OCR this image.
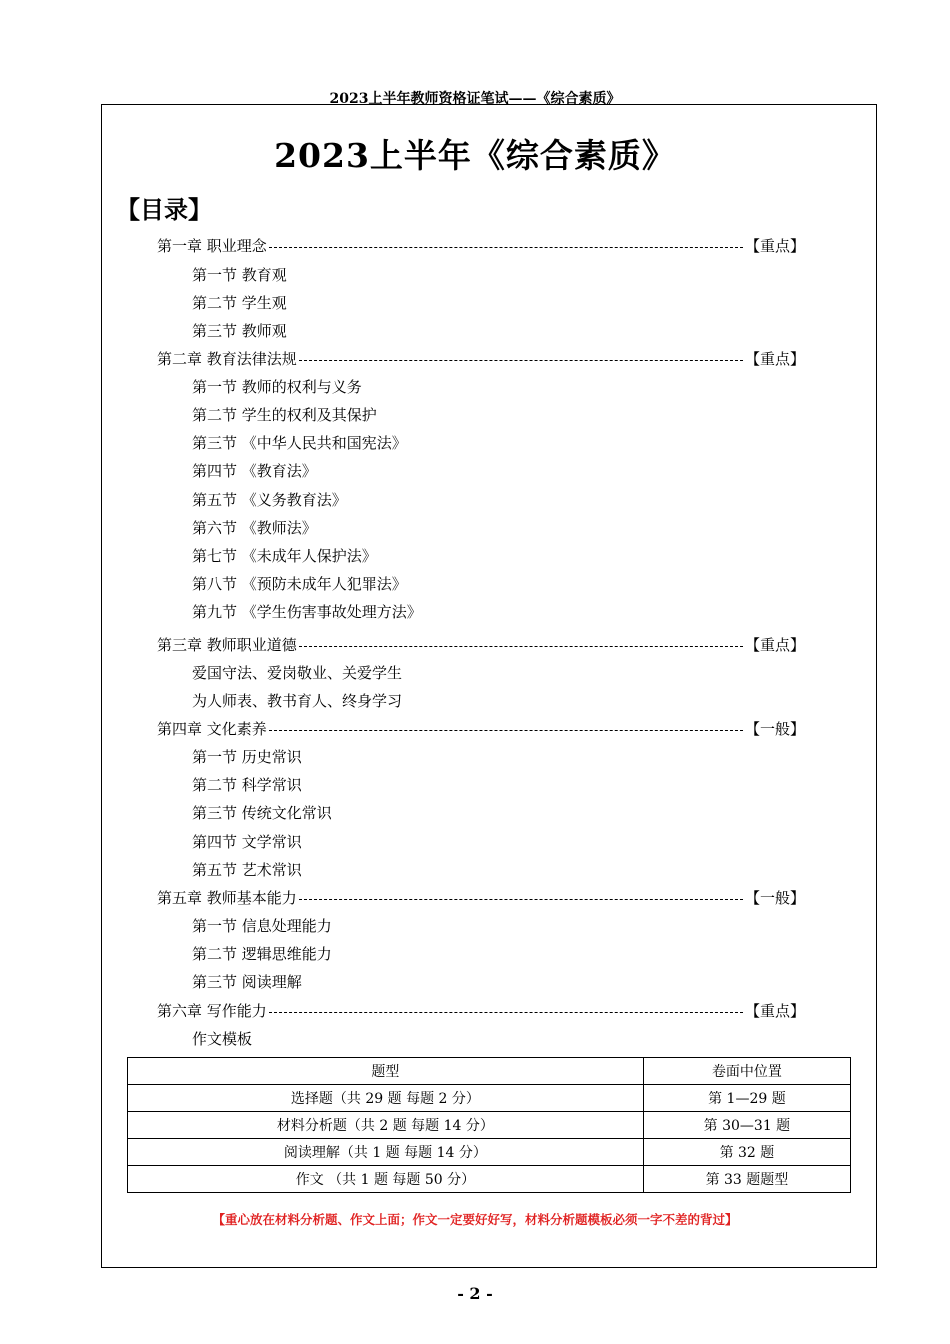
2023上半年教师资格证笔试——《综合素质》
2023上半年《综合素质》
【目录】
第一章 职业理念	【重点】
第一节 教育观
第二节 学生观
第三节 教师观
第二章 教育法律法规	【重点】
第一节 教师的权利与义务
第二节 学生的权利及其保护
第三节 《中华人民共和国宪法》
第四节 《教育法》
第五节 《义务教育法》
第六节 《教师法》
第七节 《未成年人保护法》
第八节 《预防未成年人犯罪法》
第九节 《学生伤害事故处理方法》
第三章 教师职业道德	【重点】
爱国守法、爱岗敬业、关爱学生
为人师表、教书育人、终身学习
第四章 文化素养	【一般】
第一节 历史常识
第二节 科学常识
第三节 传统文化常识
第四节 文学常识
第五节 艺术常识
第五章 教师基本能力	【一般】
第一节 信息处理能力
第二节 逻辑思维能力
第三节 阅读理解
第六章 写作能力	【重点】
作文模板
题型	卷面中位置
选择题（共 29 题 每题 2 分）	第 1—29 题
材料分析题（共 2 题 每题 14 分）	第 30—31 题
阅读理解（共 1 题 每题 14 分）	第 32 题
作文 （共 1 题 每题 50 分）	第 33 题题型
【重心放在材料分析题、作文上面；作文一定要好好写，材料分析题模板必须一字不差的背过】
- 2 -
